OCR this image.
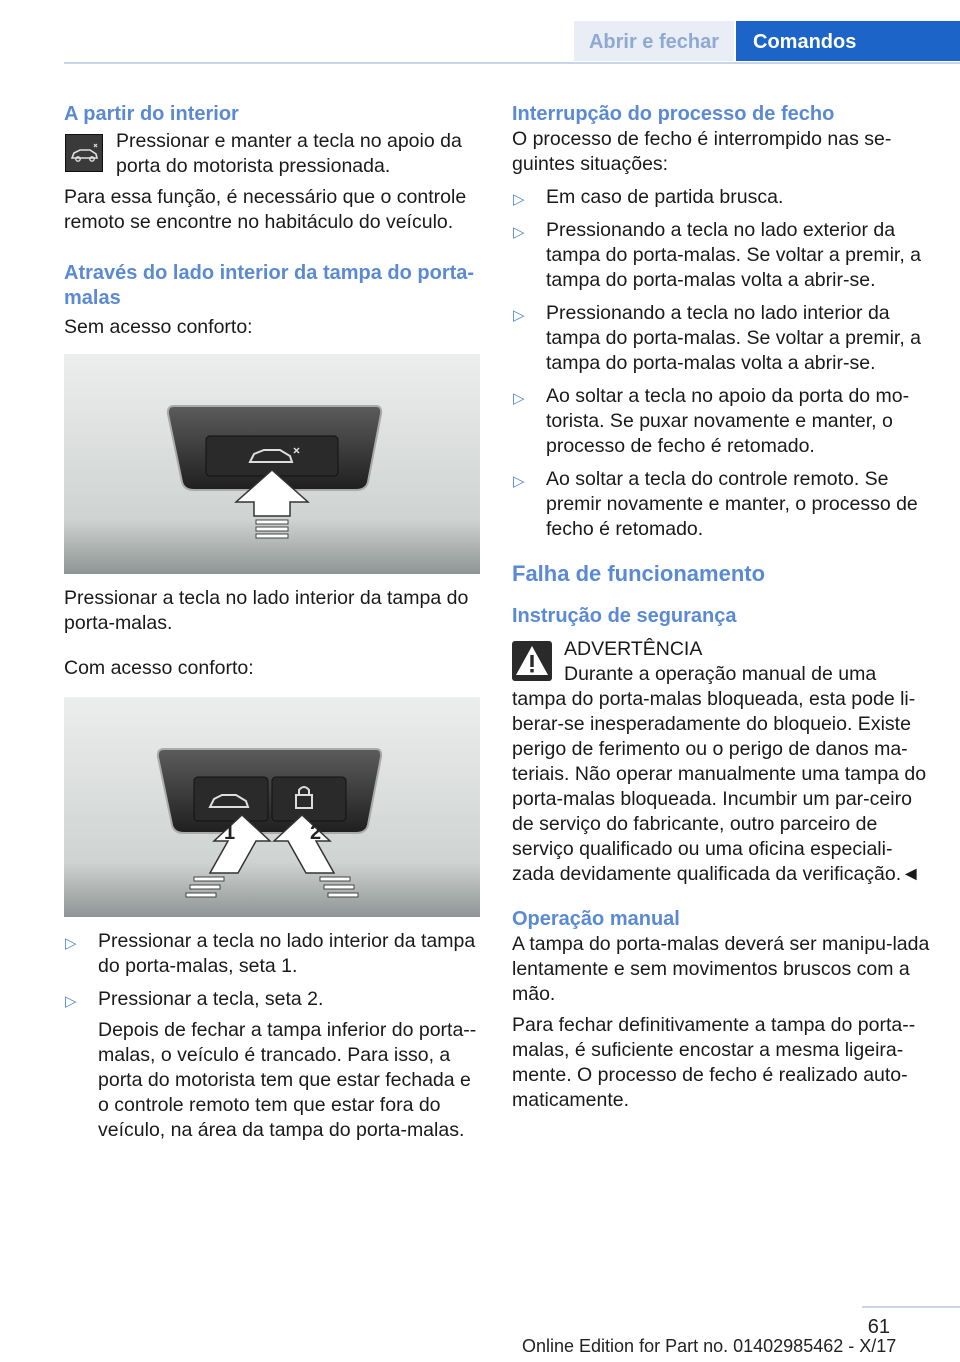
Abrir e fechar	Comandos
A partir do interior

Pressionar e manter a tecla no apoio da porta do motorista pressionada.

Para essa função, é necessário que o controle remoto se encontre no habitáculo do veículo.

Através do lado interior da tampa do porta-
malas

Sem acesso conforto:

Pressionar a tecla no lado interior da tampa do porta-malas.

Com acesso conforto:

1	2
▷ Pressionar a tecla no lado interior da tampa do porta-malas, seta 1.
▷ Pressionar a tecla, seta 2.

Depois de fechar a tampa inferior do porta--malas, o veículo é trancado. Para isso, a porta do motorista tem que estar fechada e o controle remoto tem que estar fora do veículo, na área da tampa do porta-malas.

Interrupção do processo de fecho

O processo de fecho é interrompido nas se-guintes situações:

▷ Em caso de partida brusca.
▷ Pressionando a tecla no lado exterior da tampa do porta-malas. Se voltar a premir, a tampa do porta-malas volta a abrir-se.
▷ Pressionando a tecla no lado interior da tampa do porta-malas. Se voltar a premir, a tampa do porta-malas volta a abrir-se.
▷ Ao soltar a tecla no apoio da porta do mo-torista. Se puxar novamente e manter, o processo de fecho é retomado.
▷ Ao soltar a tecla do controle remoto. Se premir novamente e manter, o processo de fecho é retomado.
Falha de funcionamento
Instrução de segurança

ADVERTÊNCIA

Durante a operação manual de uma

tampa do porta-malas bloqueada, esta pode li-berar-se inesperadamente do bloqueio. Existe perigo de ferimento ou o perigo de danos ma-teriais. Não operar manualmente uma tampa do porta-malas bloqueada. Incumbir um par-ceiro de serviço do fabricante, outro parceiro de serviço qualificado ou uma oficina especiali-zada devidamente qualificada da verificação.◄

Operação manual

A tampa do porta-malas deverá ser manipu-lada lentamente e sem movimentos bruscos com a mão.

Para fechar definitivamente a tampa do porta--malas, é suficiente encostar a mesma ligeira-mente. O processo de fecho é realizado auto-maticamente.

61
Online Edition for Part no. 01402985462 - X/17
